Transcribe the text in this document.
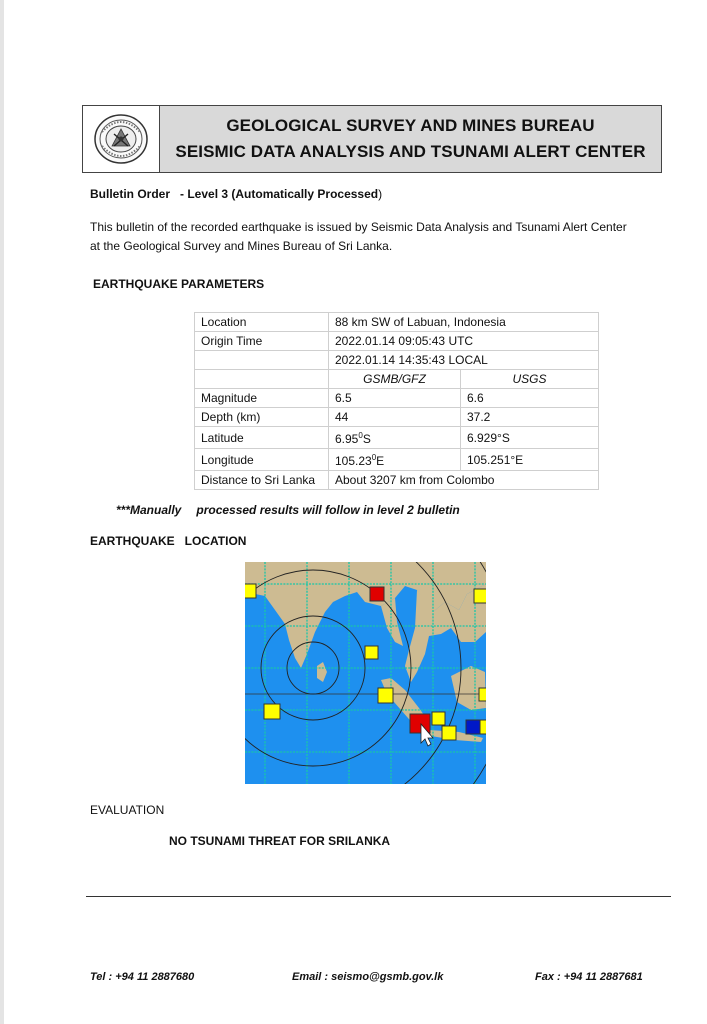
GEOLOGICAL SURVEY AND MINES BUREAU
SEISMIC DATA ANALYSIS AND TSUNAMI ALERT CENTER
Bulletin Order - Level 3 (Automatically Processed)
This bulletin of the recorded earthquake is issued by Seismic Data Analysis and Tsunami Alert Center
at the Geological Survey and Mines Bureau of Sri Lanka.
EARTHQUAKE PARAMETERS
Location	88 km SW of Labuan, Indonesia	
Origin Time	2022.01.14 09:05:43 UTC	
	2022.01.14 14:35:43 LOCAL	
	GSMB/GFZ	USGS
Magnitude	6.5	6.6
Depth (km)	44	37.2
Latitude	6.95$^0$S	6.929°S
Longitude	105.23$^0$E	105.251°E
Distance to Sri Lanka	About 3207 km from Colombo	
***Manually processed results will follow in level 2 bulletin
EARTHQUAKE LOCATION
EVALUATION
NO TSUNAMI THREAT FOR SRILANKA
Tel : +94 11 2887680	Email : seismo@gsmb.gov.lk	Fax : +94 11 2887681
